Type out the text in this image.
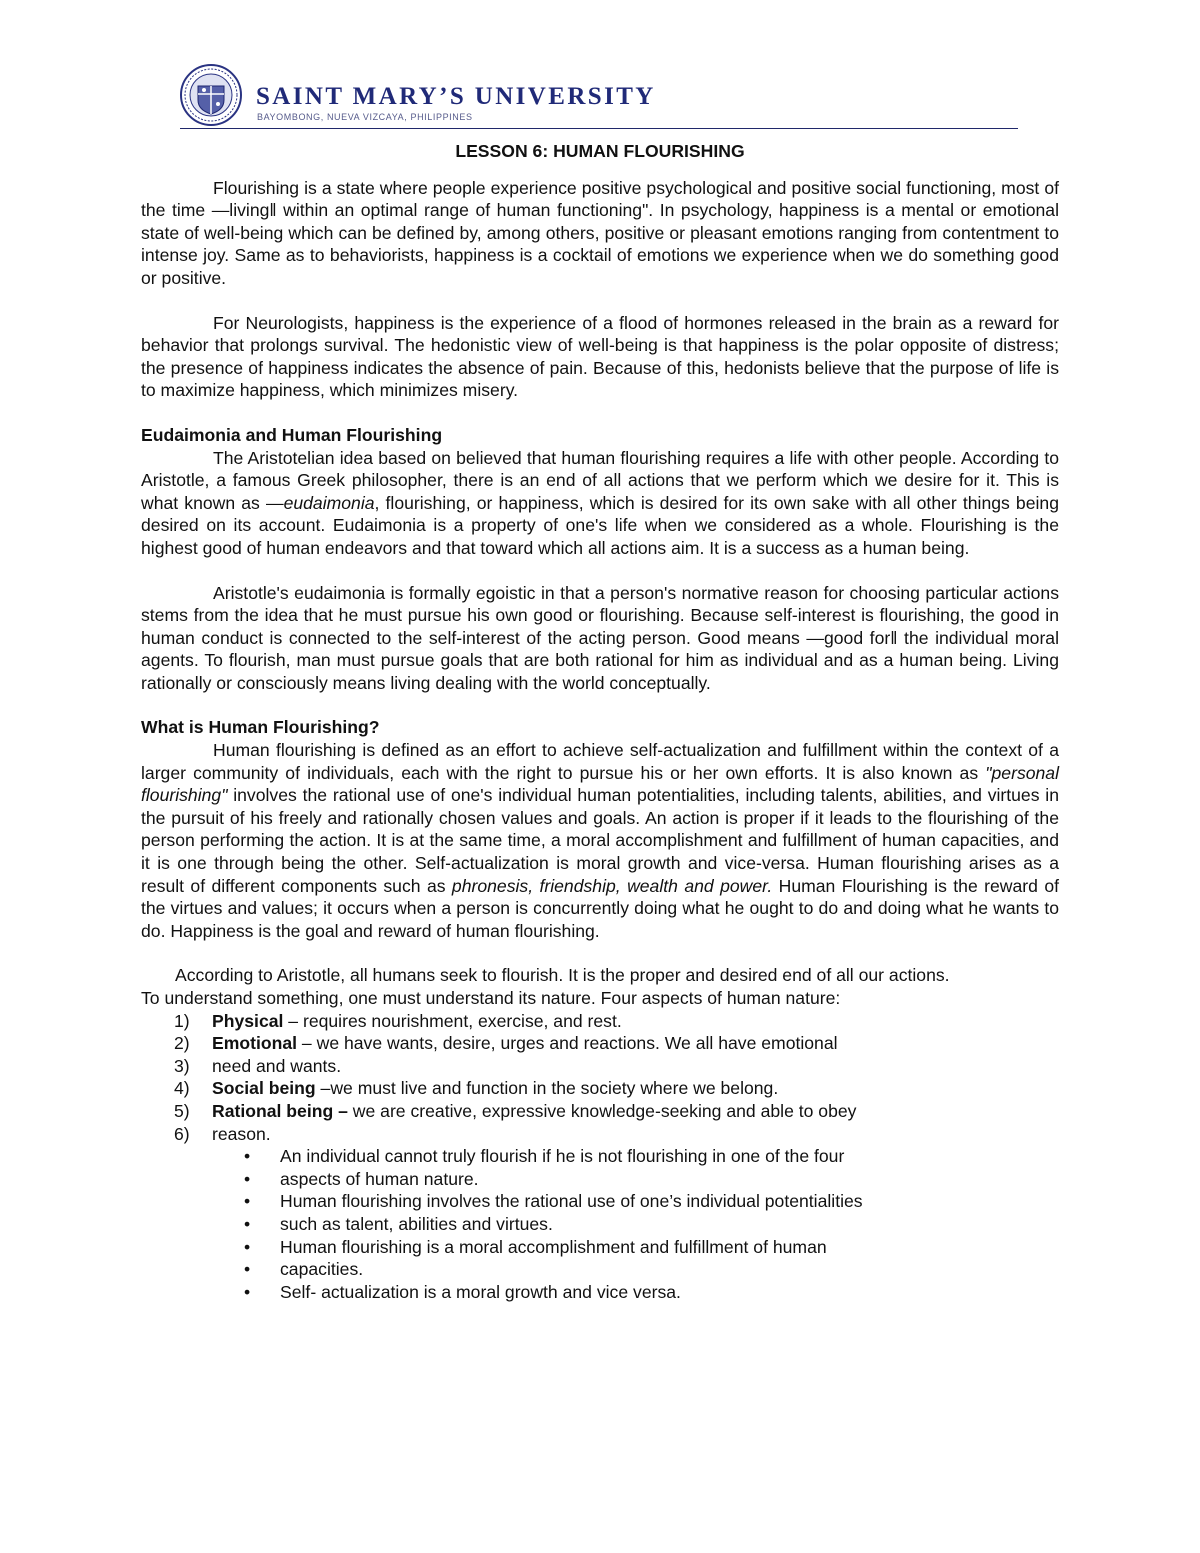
SAINT MARY’S UNIVERSITY
BAYOMBONG, NUEVA VIZCAYA, PHILIPPINES
LESSON 6: HUMAN FLOURISHING

Flourishing is a state where people experience positive psychological and positive social functioning, most of the time ―living‖ within an optimal range of human functioning". In psychology, happiness is a mental or emotional state of well-being which can be defined by, among others, positive or pleasant emotions ranging from contentment to intense joy. Same as to behaviorists, happiness is a cocktail of emotions we experience when we do something good or positive.

For Neurologists, happiness is the experience of a flood of hormones released in the brain as a reward for behavior that prolongs survival. The hedonistic view of well-being is that happiness is the polar opposite of distress; the presence of happiness indicates the absence of pain. Because of this, hedonists believe that the purpose of life is to maximize happiness, which minimizes misery.

Eudaimonia and Human Flourishing

The Aristotelian idea based on believed that human flourishing requires a life with other people. According to Aristotle, a famous Greek philosopher, there is an end of all actions that we perform which we desire for it. This is what known as ―eudaimonia, flourishing, or happiness, which is desired for its own sake with all other things being desired on its account. Eudaimonia is a property of one's life when we considered as a whole. Flourishing is the highest good of human endeavors and that toward which all actions aim. It is a success as a human being.

Aristotle's eudaimonia is formally egoistic in that a person's normative reason for choosing particular actions stems from the idea that he must pursue his own good or flourishing. Because self-interest is flourishing, the good in human conduct is connected to the self-interest of the acting person. Good means ―good for‖ the individual moral agents. To flourish, man must pursue goals that are both rational for him as individual and as a human being. Living rationally or consciously means living dealing with the world conceptually.

What is Human Flourishing?

Human flourishing is defined as an effort to achieve self-actualization and fulfillment within the context of a larger community of individuals, each with the right to pursue his or her own efforts. It is also known as "personal flourishing" involves the rational use of one's individual human potentialities, including talents, abilities, and virtues in the pursuit of his freely and rationally chosen values and goals. An action is proper if it leads to the flourishing of the person performing the action. It is at the same time, a moral accomplishment and fulfillment of human capacities, and it is one through being the other. Self-actualization is moral growth and vice-versa. Human flourishing arises as a result of different components such as phronesis, friendship, wealth and power. Human Flourishing is the reward of the virtues and values; it occurs when a person is concurrently doing what he ought to do and doing what he wants to do. Happiness is the goal and reward of human flourishing.

According to Aristotle, all humans seek to flourish. It is the proper and desired end of all our actions.

To understand something, one must understand its nature. Four aspects of human nature:

1)	Physical – requires nourishment, exercise, and rest.
2)	Emotional – we have wants, desire, urges and reactions. We all have emotional
3)	need and wants.
4)	Social being –we must live and function in the society where we belong.
5)	Rational being – we are creative, expressive knowledge-seeking and able to obey
6)	reason.
• An individual cannot truly flourish if he is not flourishing in one of the four
• aspects of human nature.
• Human flourishing involves the rational use of one’s individual potentialities
• such as talent, abilities and virtues.
• Human flourishing is a moral accomplishment and fulfillment of human
• capacities.
• Self- actualization is a moral growth and vice versa.
